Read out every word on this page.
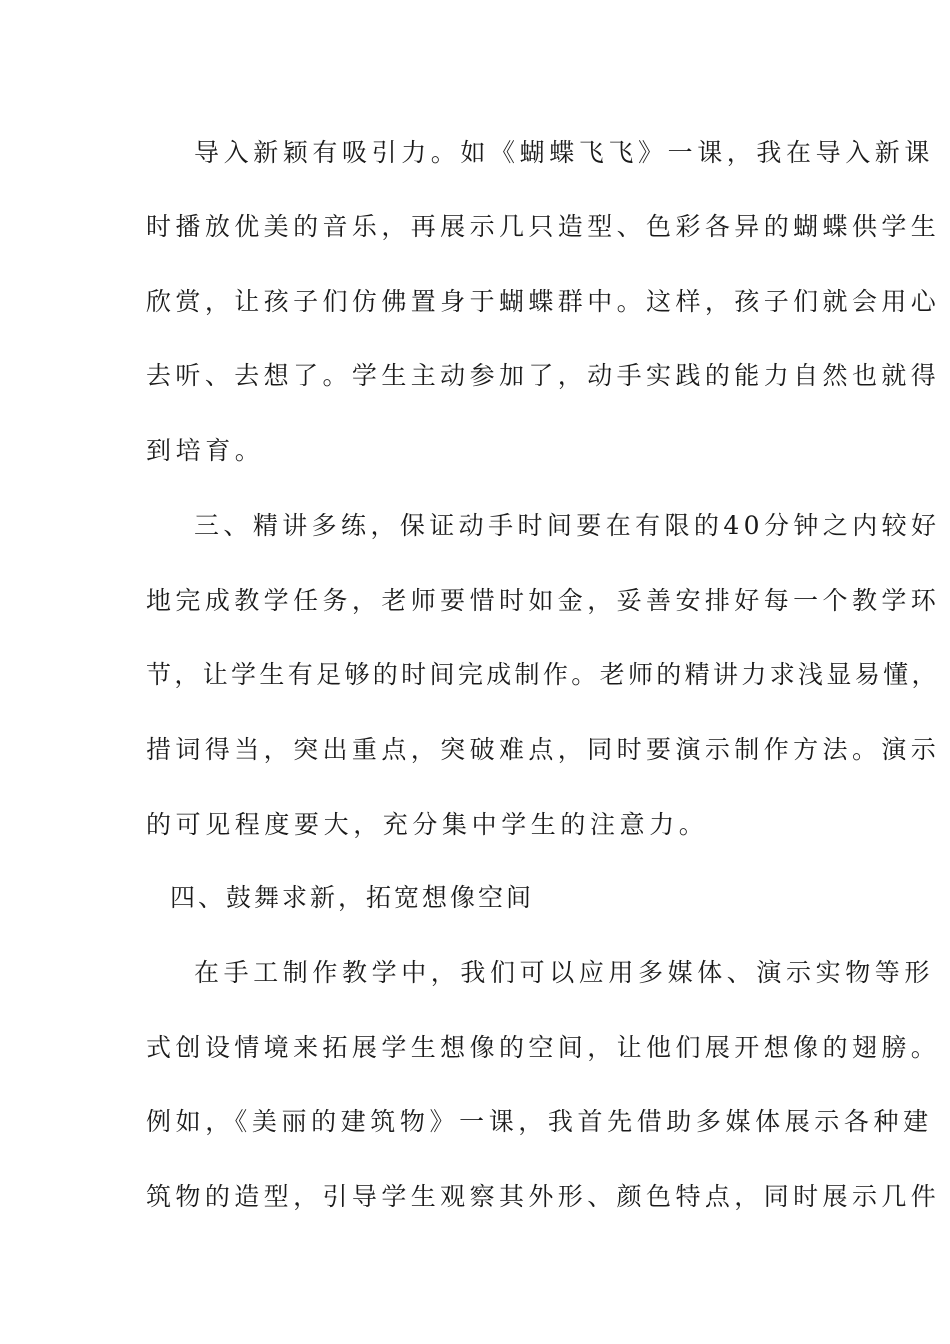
导入新颖有吸引力。如《蝴蝶飞飞》一课，我在导入新课
时播放优美的音乐，再展示几只造型、色彩各异的蝴蝶供学生
欣赏，让孩子们仿佛置身于蝴蝶群中。这样，孩子们就会用心
去听、去想了。学生主动参加了，动手实践的能力自然也就得
到培育。
三、精讲多练，保证动手时间要在有限的40分钟之内较好
地完成教学任务，老师要惜时如金，妥善安排好每一个教学环
节，让学生有足够的时间完成制作。老师的精讲力求浅显易懂，
措词得当，突出重点，突破难点，同时要演示制作方法。演示
的可见程度要大，充分集中学生的注意力。
四、鼓舞求新，拓宽想像空间
在手工制作教学中，我们可以应用多媒体、演示实物等形
式创设情境来拓展学生想像的空间，让他们展开想像的翅膀。
例如，《美丽的建筑物》一课，我首先借助多媒体展示各种建
筑物的造型，引导学生观察其外形、颜色特点，同时展示几件
